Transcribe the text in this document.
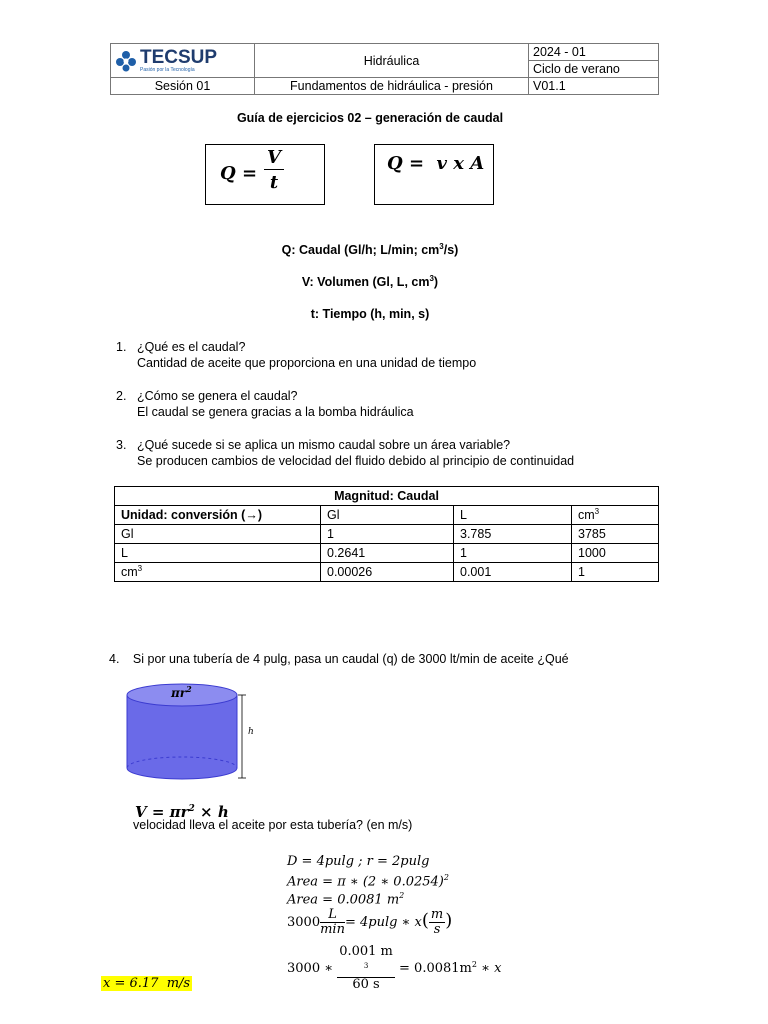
TECSUP
Pasión por la Tecnología	Hidráulica	2024 - 01
		Ciclo de verano
Sesión 01	Fundamentos de hidráulica - presión	V01.1
Guía de ejercicios 02 – generación de caudal
$Q = \frac{V}{t}$	Q =  v x A
Q: Caudal (Gl/h; L/min; $cm^3/s$)
V: Volumen (Gl, L, $cm^3$)
t: Tiempo (h, min, s)
1. ¿Qué es el caudal?
Cantidad de aceite que proporciona en una unidad de tiempo
2. ¿Cómo se genera el caudal?
El caudal se genera gracias a la bomba hidráulica
3. ¿Qué sucede si se aplica un mismo caudal sobre un área variable?
Se producen cambios de velocidad del fluido debido al principio de continuidad
Magnitud: Caudal			
Unidad: conversión (→)	Gl	L	$cm^3$
Gl	1	3.785	3785
L	0.2641	1	1000
$cm^3$	0.00026	0.001	1
4. Si por una tubería de 4 pulg, pasa un caudal (q) de 3000 lt/min de aceite ¿Qué
$\pi r^2$
h
$V = \pi r^2 \times h$
velocidad lleva el aceite por esta tubería? (en m/s)
D = 4pulg ; r = 2pulg
Area = π ∗ (2 ∗ 0.0254)$^2$
Area = 0.0081 $m^2$
$3000 \frac{L}{\min} = 4pulg$ ∗ $x( \frac{m}{s}$ )
3000 ∗ 0.001 m
$^3$
60 $s = 0.0081m^2$ ∗ x
x = 6.17  m/s
